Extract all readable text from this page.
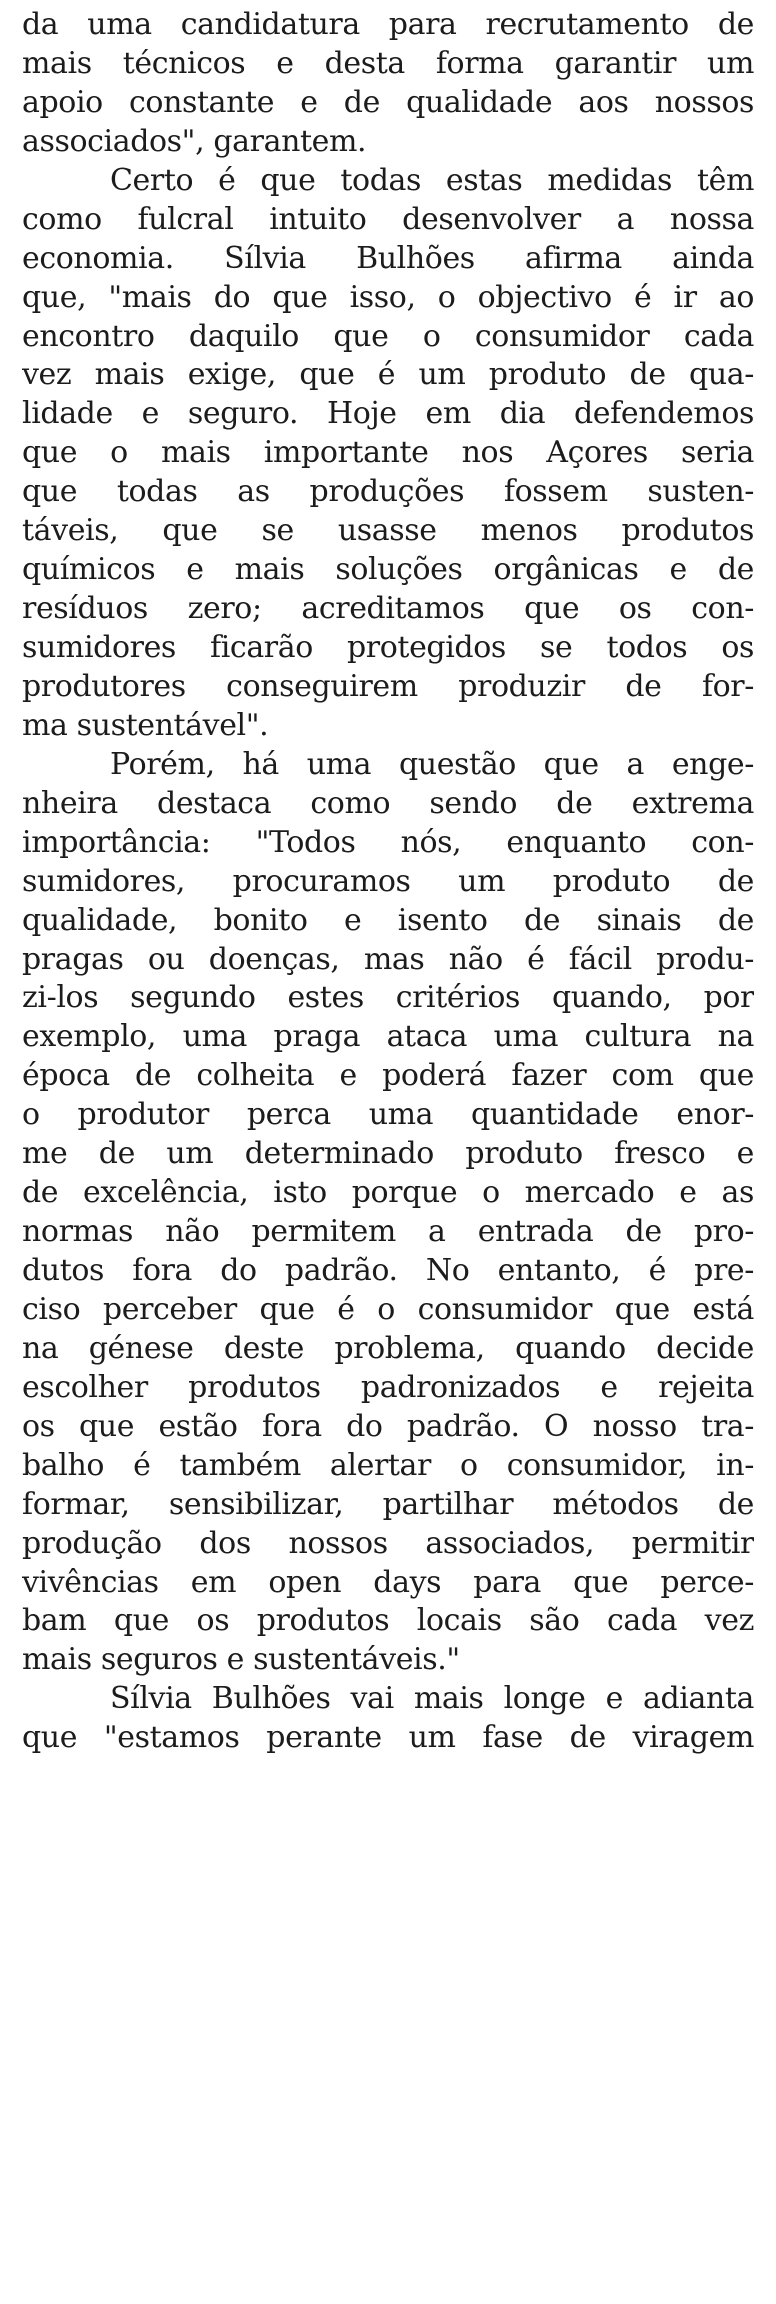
da uma candidatura para recrutamento de
mais técnicos e desta forma garantir um
apoio constante e de qualidade aos nossos
associados", garantem.
Certo é que todas estas medidas têm
como fulcral intuito desenvolver a nossa
economia. Sílvia Bulhões afirma ainda
que, "mais do que isso, o objectivo é ir ao
encontro daquilo que o consumidor cada
vez mais exige, que é um produto de qua-
lidade e seguro. Hoje em dia defendemos
que o mais importante nos Açores seria
que todas as produções fossem susten-
táveis, que se usasse menos produtos
químicos e mais soluções orgânicas e de
resíduos zero; acreditamos que os con-
sumidores ficarão protegidos se todos os
produtores conseguirem produzir de for-
ma sustentável".
Porém, há uma questão que a enge-
nheira destaca como sendo de extrema
importância: "Todos nós, enquanto con-
sumidores, procuramos um produto de
qualidade, bonito e isento de sinais de
pragas ou doenças, mas não é fácil produ-
zi-los segundo estes critérios quando, por
exemplo, uma praga ataca uma cultura na
época de colheita e poderá fazer com que
o produtor perca uma quantidade enor-
me de um determinado produto fresco e
de excelência, isto porque o mercado e as
normas não permitem a entrada de pro-
dutos fora do padrão. No entanto, é pre-
ciso perceber que é o consumidor que está
na génese deste problema, quando decide
escolher produtos padronizados e rejeita
os que estão fora do padrão. O nosso tra-
balho é também alertar o consumidor, in-
formar, sensibilizar, partilhar métodos de
produção dos nossos associados, permitir
vivências em open days para que perce-
bam que os produtos locais são cada vez
mais seguros e sustentáveis."
Sílvia Bulhões vai mais longe e adianta
que "estamos perante um fase de viragem
